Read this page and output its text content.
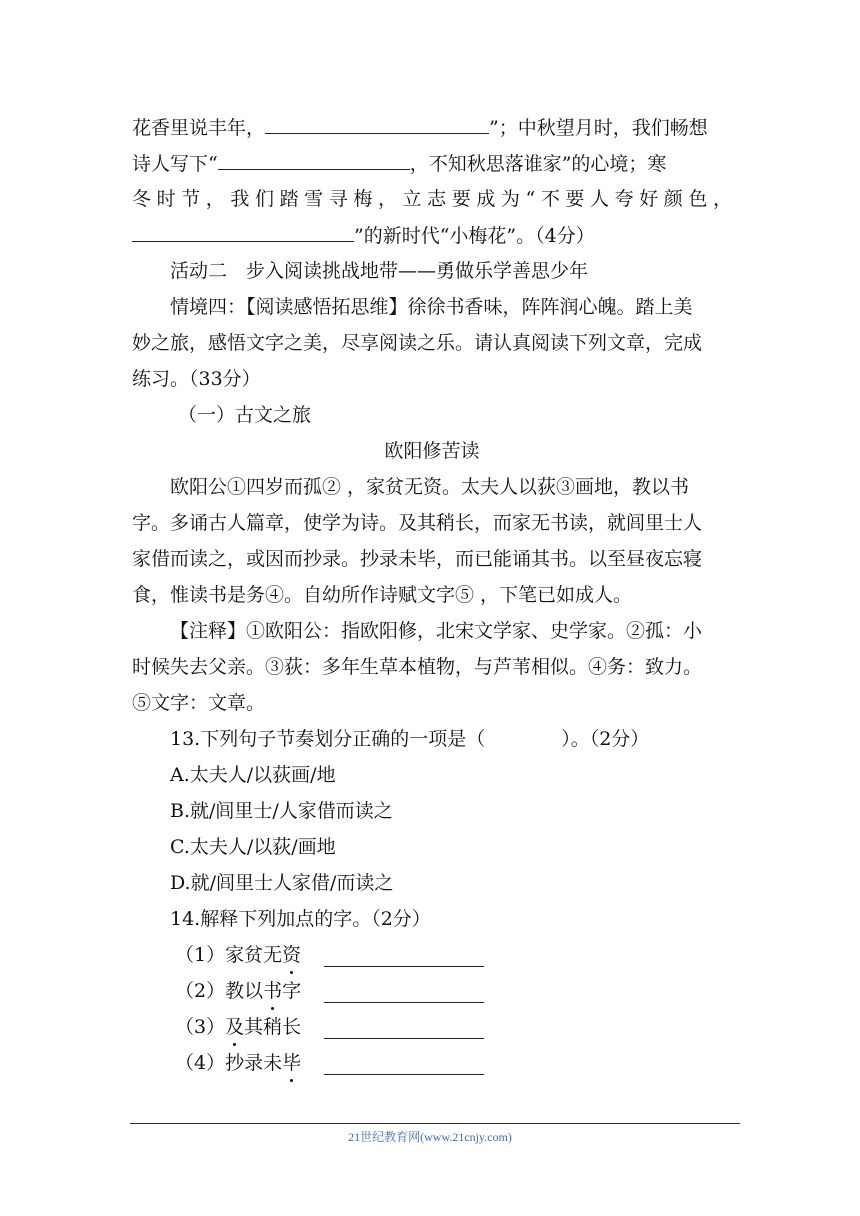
花香里说丰年，	”；中秋望月时，我们畅想
诗人写下“	，不知秋思落谁家”的心境；寒
冬时节，我们踏雪寻梅，立志要成为“不要人夸好颜色，
”的新时代“小梅花”。（4分）
活动二　步入阅读挑战地带——勇做乐学善思少年
情境四：【阅读感悟拓思维】徐徐书香味，阵阵润心魄。踏上美
妙之旅，感悟文字之美，尽享阅读之乐。请认真阅读下列文章，完成
练习。（33分）
（一）古文之旅
欧阳修苦读
欧阳公①四岁而孤② ，家贫无资。太夫人以荻③画地，教以书
字。多诵古人篇章，使学为诗。及其稍长，而家无书读，就闾里士人
家借而读之，或因而抄录。抄录未毕，而已能诵其书。以至昼夜忘寝
食，惟读书是务④。自幼所作诗赋文字⑤ ，下笔已如成人。
【注释】①欧阳公：指欧阳修，北宋文学家、史学家。②孤：小
时候失去父亲。③荻：多年生草本植物，与芦苇相似。④务：致力。
⑤文字：文章。
13.下列句子节奏划分正确的一项是（　　　　）。（2分）
A.太夫人/以荻画/地
B.就/闾里士/人家借而读之
C.太夫人/以荻/画地
D.就/闾里士人家借/而读之
14.解释下列加点的字。（2分）
（1）家贫无资
（2）教以书字
（3）及其稍长
（4）抄录未毕
21世纪教育网(www.21cnjy.com)
